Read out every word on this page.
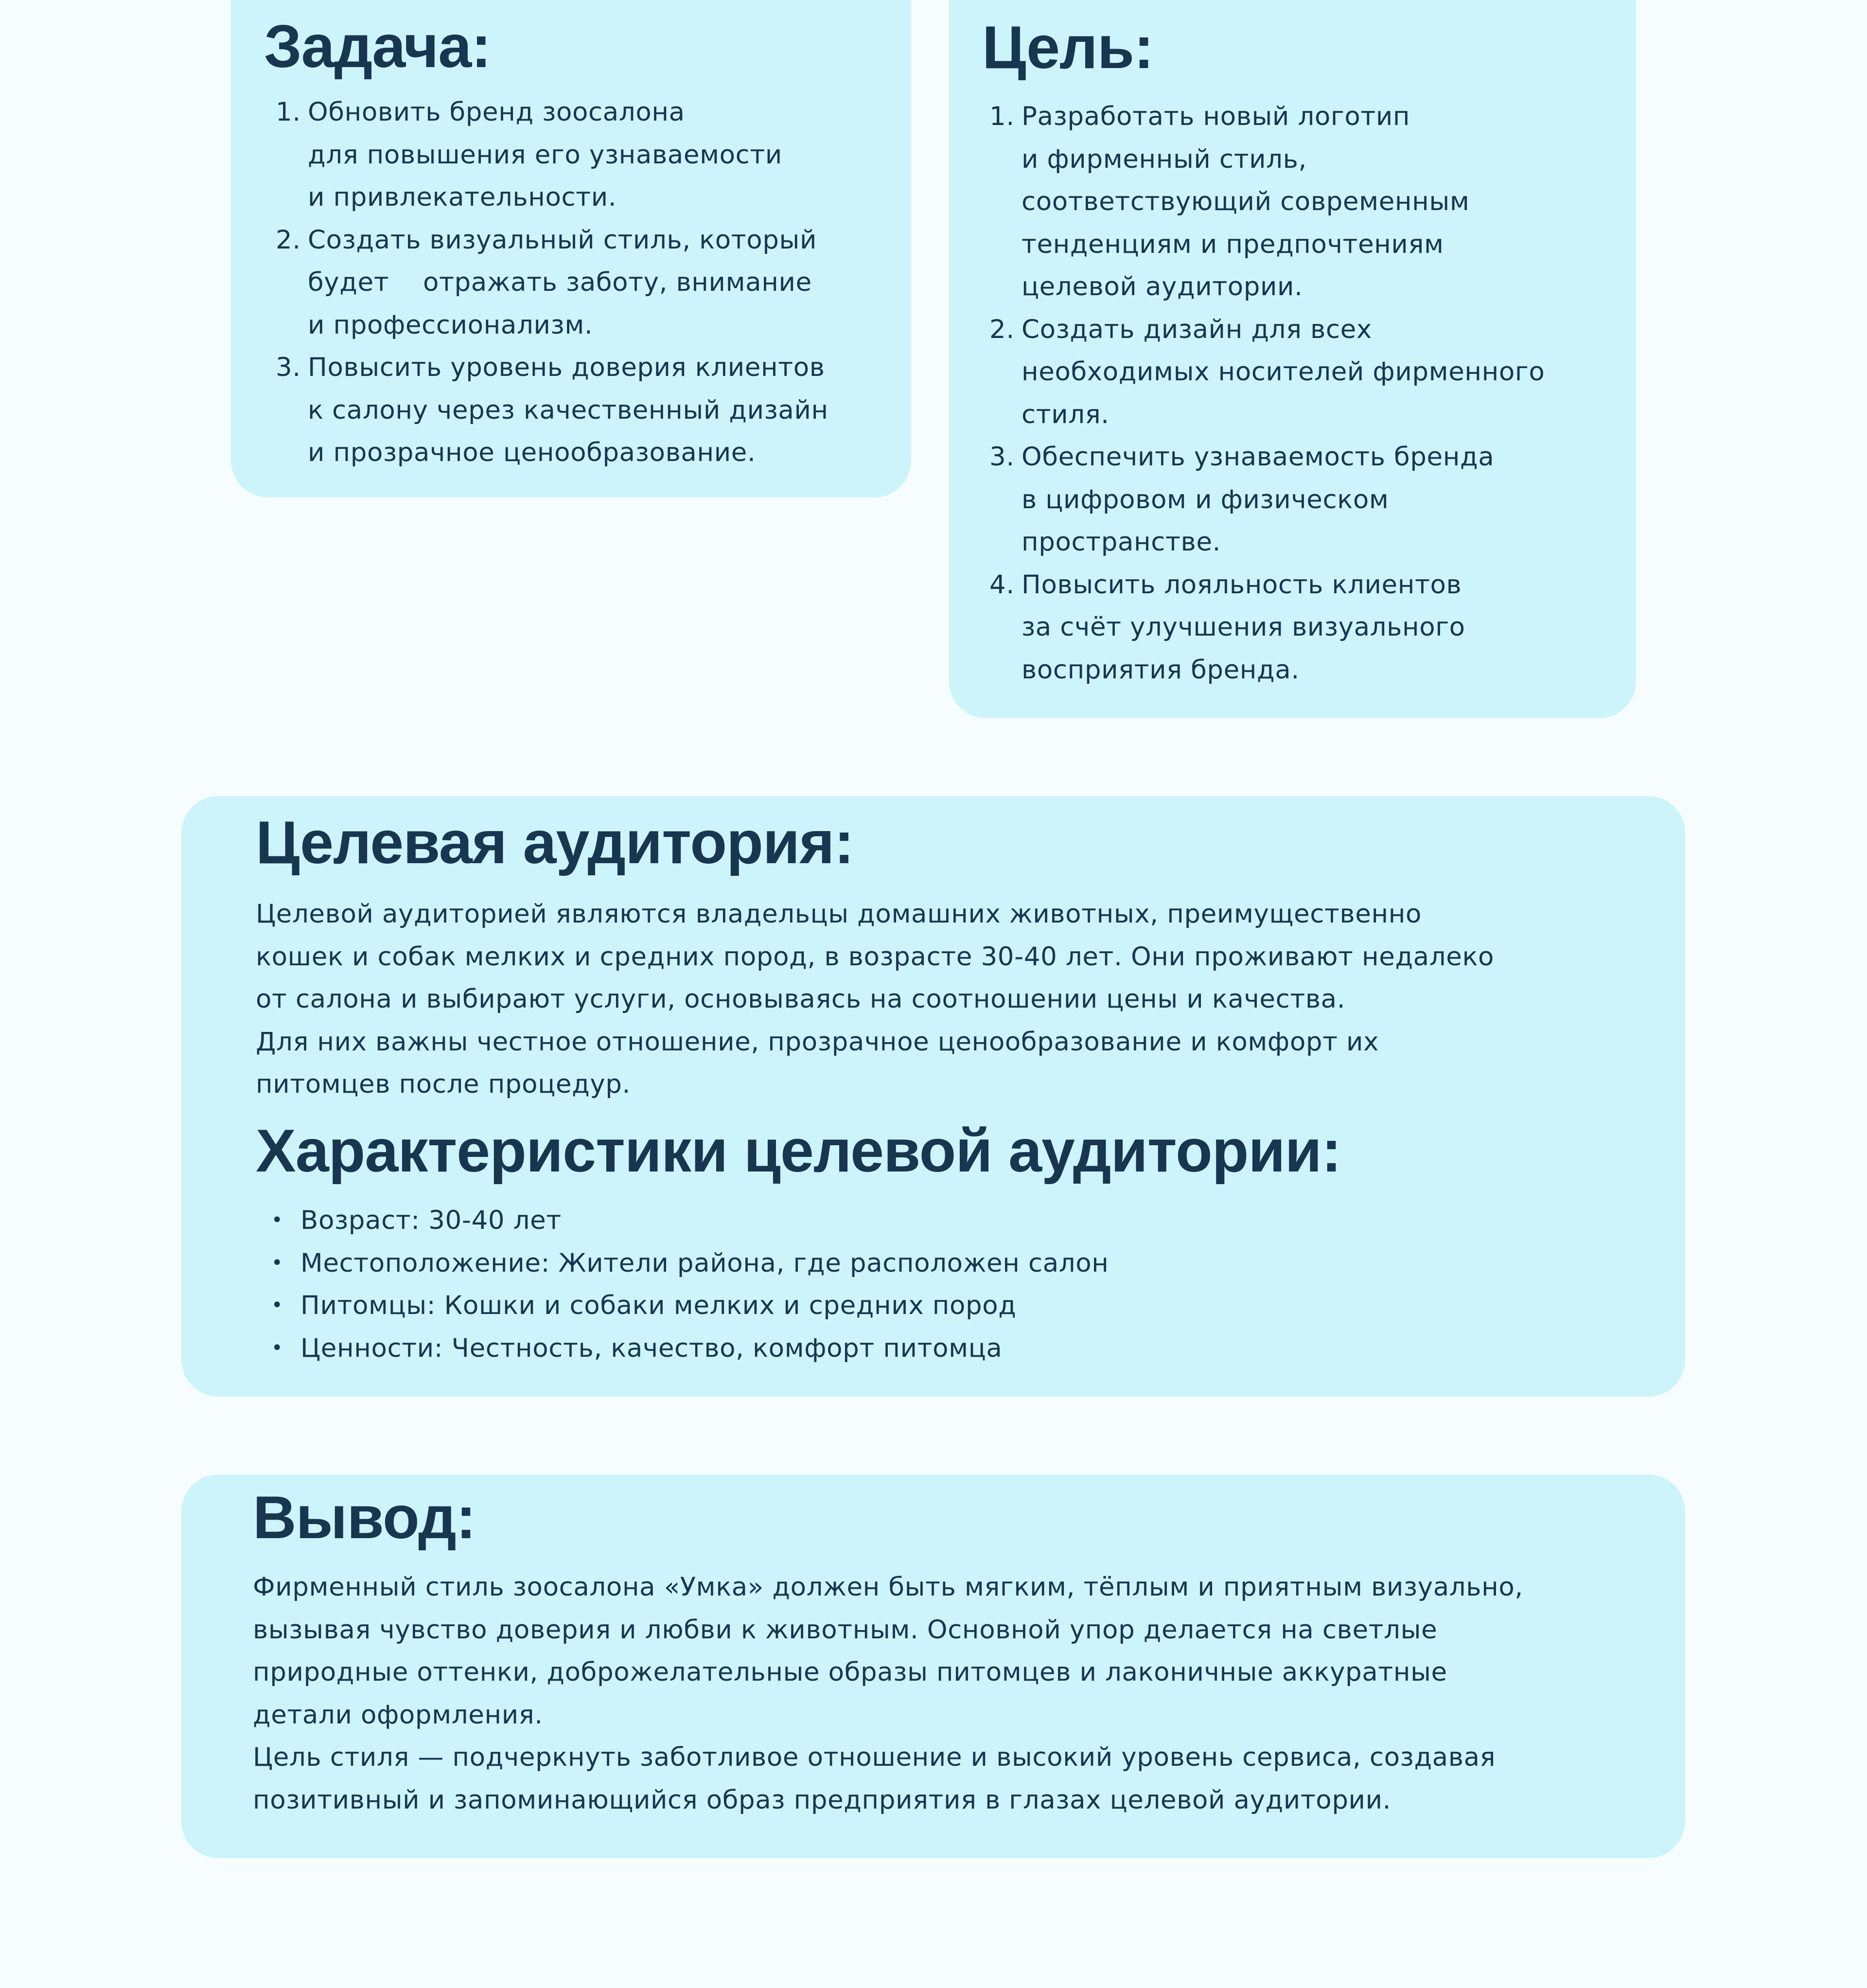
Задача:
1. Обновить бренд зоосалона
для повышения его узнаваемости
и привлекательности.
2. Создать визуальный стиль, который
будет    отражать заботу, внимание
и профессионализм.
3. Повысить уровень доверия клиентов
к салону через качественный дизайн
и прозрачное ценообразование.
Цель:
1. Разработать новый логотип
и фирменный стиль,
соответствующий современным
тенденциям и предпочтениям
целевой аудитории.
2. Создать дизайн для всех
необходимых носителей фирменного
стиля.
3. Обеспечить узнаваемость бренда
в цифровом и физическом
пространстве.
4. Повысить лояльность клиентов
за счёт улучшения визуального
восприятия бренда.
Целевая аудитория:
Целевой аудиторией являются владельцы домашних животных, преимущественно
кошек и собак мелких и средних пород, в возрасте 30-40 лет. Они проживают недалеко
от салона и выбирают услуги, основываясь на соотношении цены и качества.
Для них важны честное отношение, прозрачное ценообразование и комфорт их
питомцев после процедур.
Характеристики целевой аудитории:
• Возраст: 30-40 лет
• Местоположение: Жители района, где расположен салон
• Питомцы: Кошки и собаки мелких и средних пород
• Ценности: Честность, качество, комфорт питомца
Вывод:
Фирменный стиль зоосалона «Умка» должен быть мягким, тёплым и приятным визуально,
вызывая чувство доверия и любви к животным. Основной упор делается на светлые
природные оттенки, доброжелательные образы питомцев и лаконичные аккуратные
детали оформления.
Цель стиля — подчеркнуть заботливое отношение и высокий уровень сервиса, создавая
позитивный и запоминающийся образ предприятия в глазах целевой аудитории.
